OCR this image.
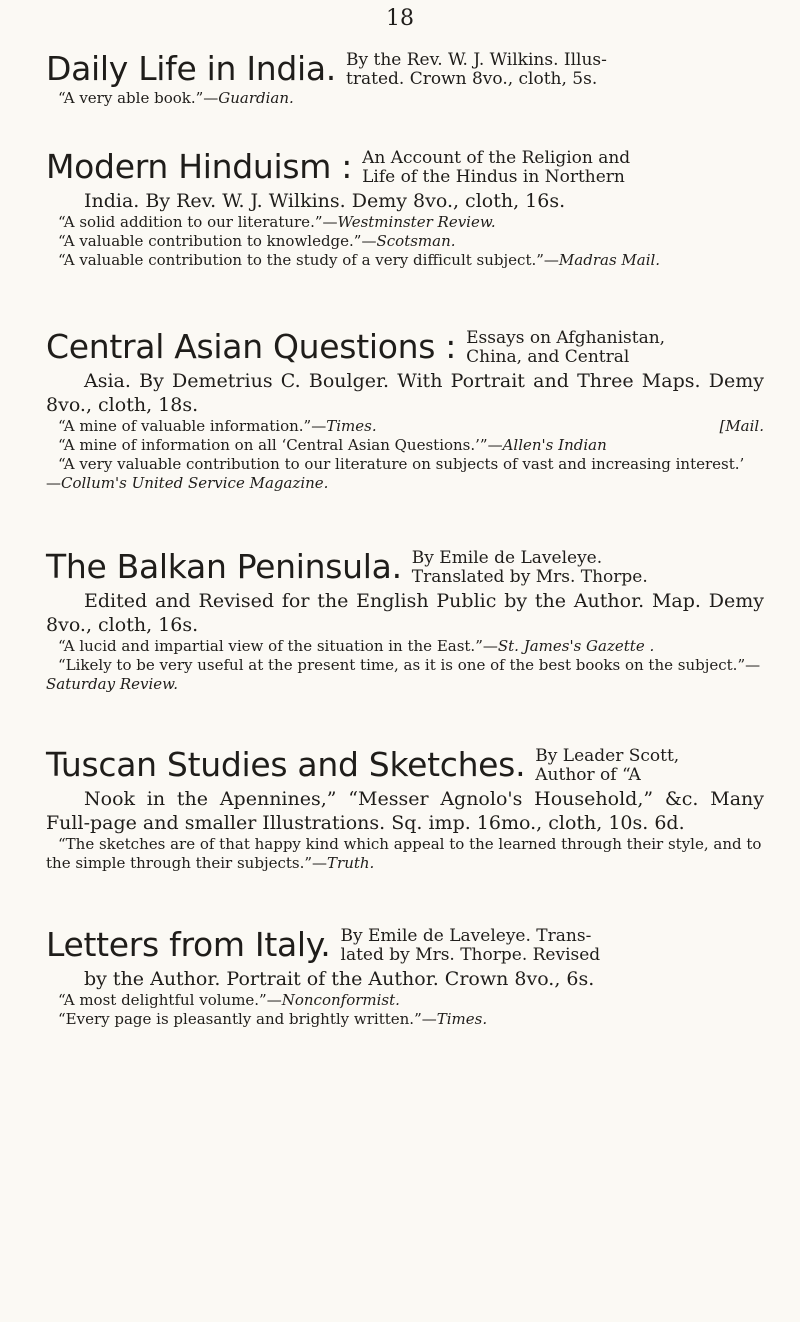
18
Daily Life in India. By the Rev. W. J. Wilkins. Illus-
trated. Crown 8vo., cloth, 5s.
“A very able book.”—Guardian.
Modern Hinduism : An Account of the Religion and
Life of the Hindus in Northern
India. By Rev. W. J. Wilkins. Demy 8vo., cloth, 16s.
“A solid addition to our literature.”—Westminster Review.
“A valuable contribution to knowledge.”—Scotsman.
“A valuable contribution to the study of a very difficult subject.”—Madras Mail.
Central Asian Questions : Essays on Afghanistan,
China, and Central
Asia. By Demetrius C. Boulger. With Portrait and Three Maps. Demy 8vo., cloth, 18s.
“A mine of valuable information.”—Times.	[Mail.
“A mine of information on all ‘Central Asian Questions.’”—Allen's Indian
“A very valuable contribution to our literature on subjects of vast and increasing interest.’ —Collum's United Service Magazine.
The Balkan Peninsula. By Emile de Laveleye.
Translated by Mrs. Thorpe.
Edited and Revised for the English Public by the Author. Map. Demy 8vo., cloth, 16s.
“A lucid and impartial view of the situation in the East.”—St. James's Gazette .
“Likely to be very useful at the present time, as it is one of the best books on the subject.”—Saturday Review.
Tuscan Studies and Sketches. By Leader Scott,
Author of “A
Nook in the Apennines,” “Messer Agnolo's Household,” &c. Many Full-page and smaller Illustrations. Sq. imp. 16mo., cloth, 10s. 6d.
“The sketches are of that happy kind which appeal to the learned through their style, and to the simple through their subjects.”—Truth.
Letters from Italy. By Emile de Laveleye. Trans-
lated by Mrs. Thorpe. Revised
by the Author. Portrait of the Author. Crown 8vo., 6s.
“A most delightful volume.”—Nonconformist.
“Every page is pleasantly and brightly written.”—Times.
